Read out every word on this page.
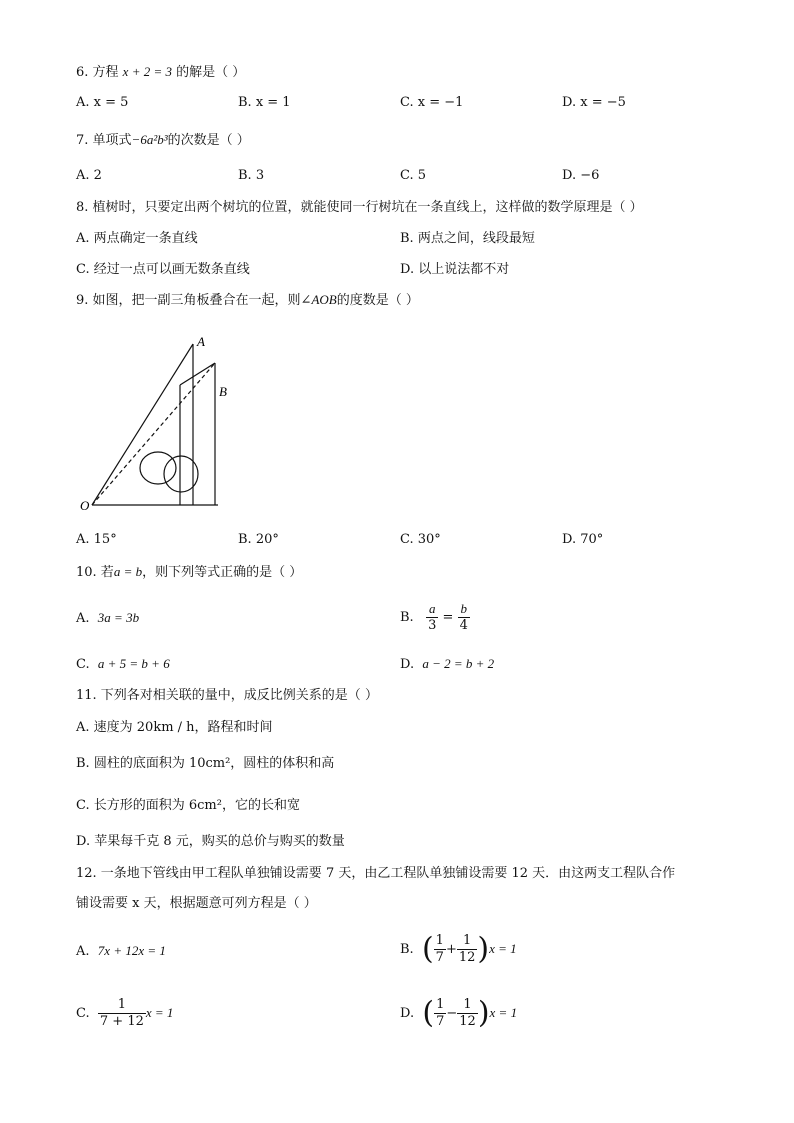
6. 方程 x + 2 = 3 的解是（ ）
A. x = 5	B. x = 1	C. x = −1	D. x = −5
7. 单项式−6a²b³的次数是（ ）
A. 2	B. 3	C. 5	D. −6
8. 植树时，只要定出两个树坑的位置，就能使同一行树坑在一条直线上，这样做的数学原理是（ ）
A. 两点确定一条直线	B. 两点之间，线段最短
C. 经过一点可以画无数条直线	D. 以上说法都不对
9. 如图，把一副三角板叠合在一起，则∠AOB的度数是（ ）
A
B
O
A. 15°	B. 20°	C. 30°	D. 70°
10. 若a = b，则下列等式正确的是（ ）
A. 3a = 3b	B. $\frac{a}{3} = \frac{b}{4}$
C. a + 5 = b + 6	D. a − 2 = b + 2
11. 下列各对相关联的量中，成反比例关系的是（ ）
A. 速度为 20km / h，路程和时间
B. 圆柱的底面积为 10cm²，圆柱的体积和高
C. 长方形的面积为 6cm²，它的长和宽
D. 苹果每千克 8 元，购买的总价与购买的数量
12. 一条地下管线由甲工程队单独铺设需要 7 天，由乙工程队单独铺设需要 12 天．由这两支工程队合作
铺设需要 x 天，根据题意可列方程是（ ）
A. 7x + 12x = 1	B. ( $\frac{1}{7} + \frac{1}{12} )x = 1$
C. $\frac{1}{7 + 12}$ x = 1	D. ( $\frac{1}{7} - \frac{1}{12} )x = 1$
